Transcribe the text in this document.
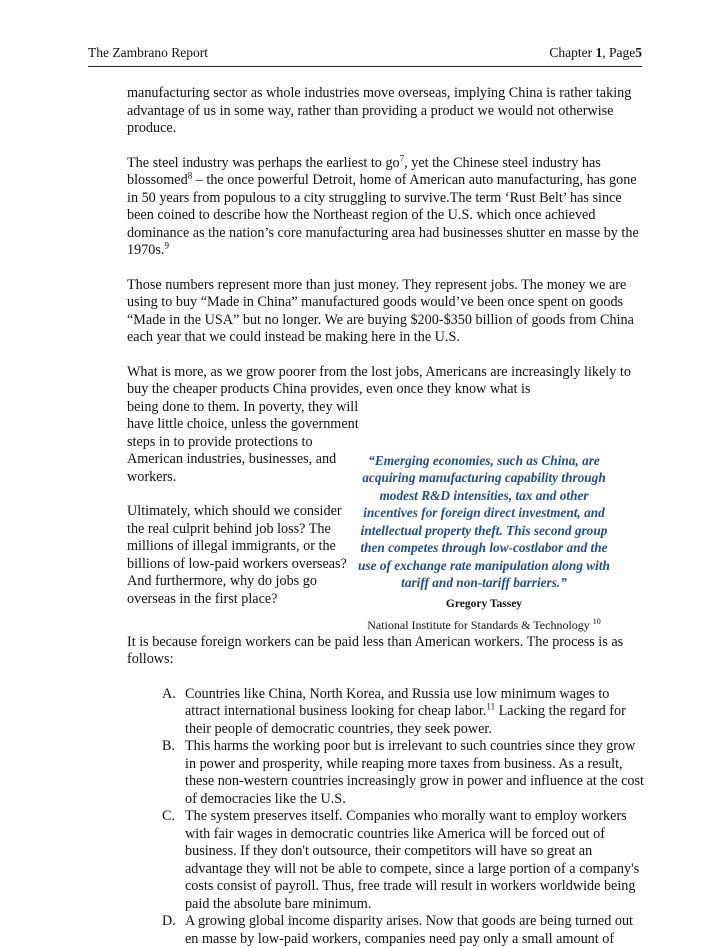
The Zambrano Report	Chapter 1, Page5

manufacturing sector as whole industries move overseas, implying China is rather taking advantage of us in some way, rather than providing a product we would not otherwise produce.

The steel industry was perhaps the earliest to $go^7$, yet the Chinese steel industry has blossomed$^8$ – the once powerful Detroit, home of American auto manufacturing, has gone in 50 years from populous to a city struggling to survive.The term ‘Rust Belt’ has since been coined to describe how the Northeast region of the U.S. which once achieved dominance as the nation’s core manufacturing area had businesses shutter en masse by the 1970s.$^9$

Those numbers represent more than just money. They represent jobs. The money we are using to buy “Made in China” manufactured goods would’ve been once spent on goods “Made in the USA” but no longer. We are buying $200-$350 billion of goods from China each year that we could instead be making here in the U.S.

What is more, as we grow poorer from the lost jobs, Americans are increasingly likely to buy the cheaper products China provides, even once they know what is

being done to them. In poverty, they will have little choice, unless the government steps in to provide protections to American industries, businesses, and workers.

Ultimately, which should we consider the real culprit behind job loss? The millions of illegal immigrants, or the billions of low-paid workers overseas? And furthermore, why do jobs go overseas in the first place?

“Emerging economies, such as China, are acquiring manufacturing capability through modest R&D intensities, tax and other incentives for foreign direct investment, and intellectual property theft. This second group then competes through low-costlabor and the use of exchange rate manipulation along with tariff and non-tariff barriers.”
Gregory Tassey
National Institute for Standards & Technology $^{10}$

It is because foreign workers can be paid less than American workers. The process is as follows:

A. Countries like China, North Korea, and Russia use low minimum wages to attract international business looking for cheap labor.$^{11}$ Lacking the regard for their people of democratic countries, they seek power.
B. This harms the working poor but is irrelevant to such countries since they grow in power and prosperity, while reaping more taxes from business. As a result, these non-western countries increasingly grow in power and influence at the cost of democracies like the U.S.
C. The system preserves itself. Companies who morally want to employ workers with fair wages in democratic countries like America will be forced out of business. If they don't outsource, their competitors will have so great an advantage they will not be able to compete, since a large portion of a company's costs consist of payroll. Thus, free trade will result in workers worldwide being paid the absolute bare minimum.
D. A growing global income disparity arises. Now that goods are being turned out en masse by low-paid workers, companies need pay only a small amount of
